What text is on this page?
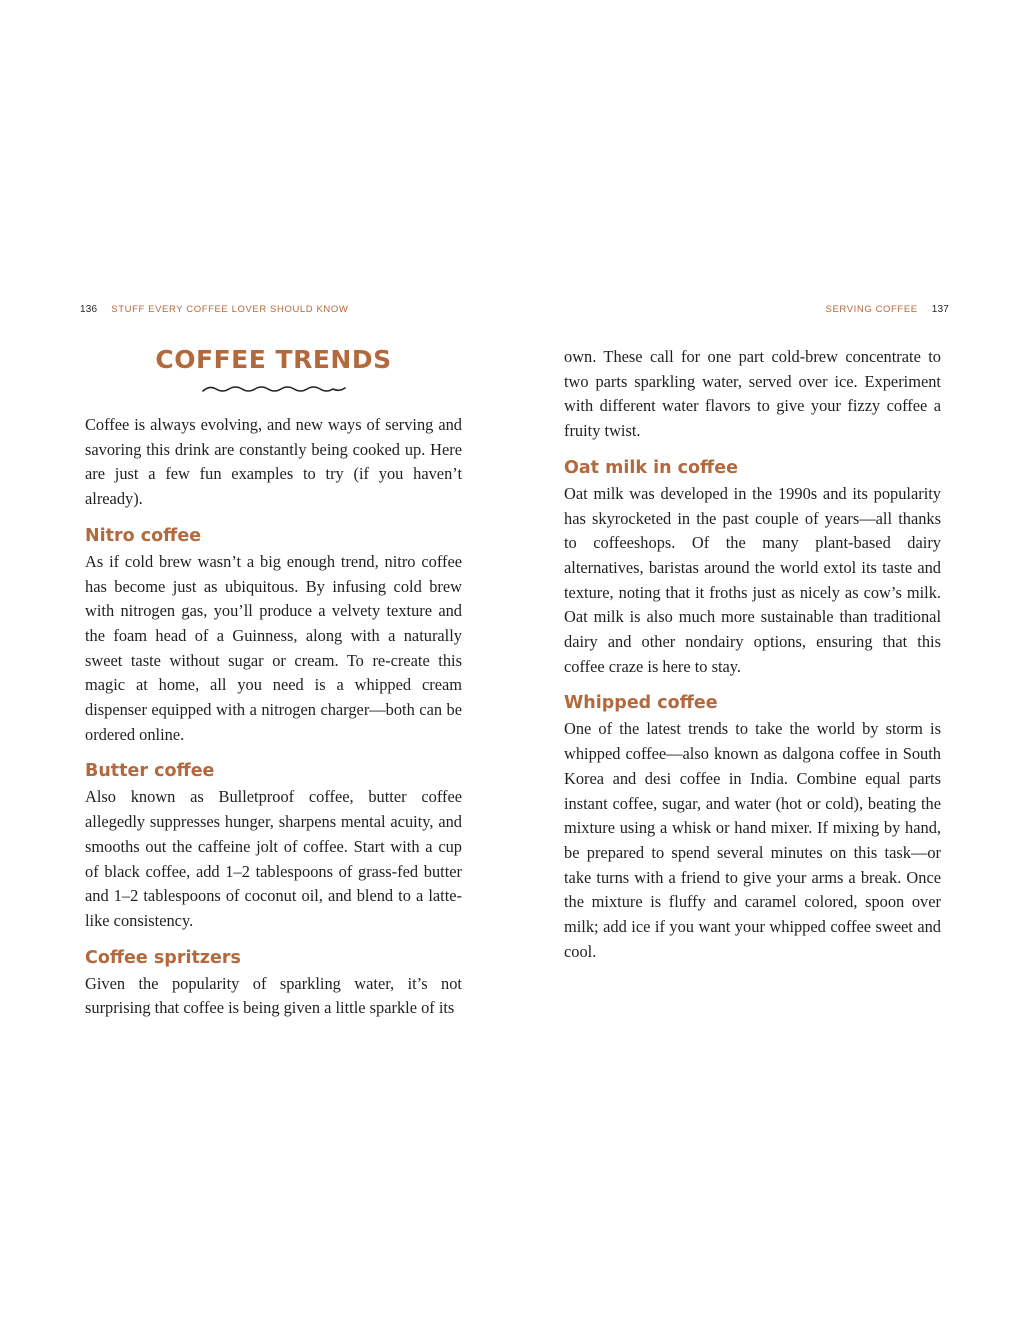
136 STUFF EVERY COFFEE LOVER SHOULD KNOW	SERVING COFFEE 137
COFFEE TRENDS

Coffee is always evolving, and new ways of serving and savoring this drink are constantly being cooked up. Here are just a few fun examples to try (if you haven’t already).

Nitro coffee

As if cold brew wasn’t a big enough trend, nitro coffee has become just as ubiquitous. By infusing cold brew with nitrogen gas, you’ll produce a velvety texture and the foam head of a Guinness, along with a naturally sweet taste without sugar or cream. To re-create this magic at home, all you need is a whipped cream dispenser equipped with a nitrogen charger—both can be ordered online.

Butter coffee

Also known as Bulletproof coffee, butter coffee allegedly suppresses hunger, sharpens mental acuity, and smooths out the caffeine jolt of coffee. Start with a cup of black coffee, add 1–2 tablespoons of grass-fed butter and 1–2 tablespoons of coconut oil, and blend to a latte-like consistency.

Coffee spritzers

Given the popularity of sparkling water, it’s not surprising that coffee is being given a little sparkle of its

own. These call for one part cold-brew concentrate to two parts sparkling water, served over ice. Experiment with different water flavors to give your fizzy coffee a fruity twist.

Oat milk in coffee

Oat milk was developed in the 1990s and its popularity has skyrocketed in the past couple of years—all thanks to coffeeshops. Of the many plant-based dairy alternatives, baristas around the world extol its taste and texture, noting that it froths just as nicely as cow’s milk. Oat milk is also much more sustainable than traditional dairy and other nondairy options, ensuring that this coffee craze is here to stay.

Whipped coffee

One of the latest trends to take the world by storm is whipped coffee—also known as dalgona coffee in South Korea and desi coffee in India. Combine equal parts instant coffee, sugar, and water (hot or cold), beating the mixture using a whisk or hand mixer. If mixing by hand, be prepared to spend several minutes on this task—or take turns with a friend to give your arms a break. Once the mixture is fluffy and caramel colored, spoon over milk; add ice if you want your whipped coffee sweet and cool.
